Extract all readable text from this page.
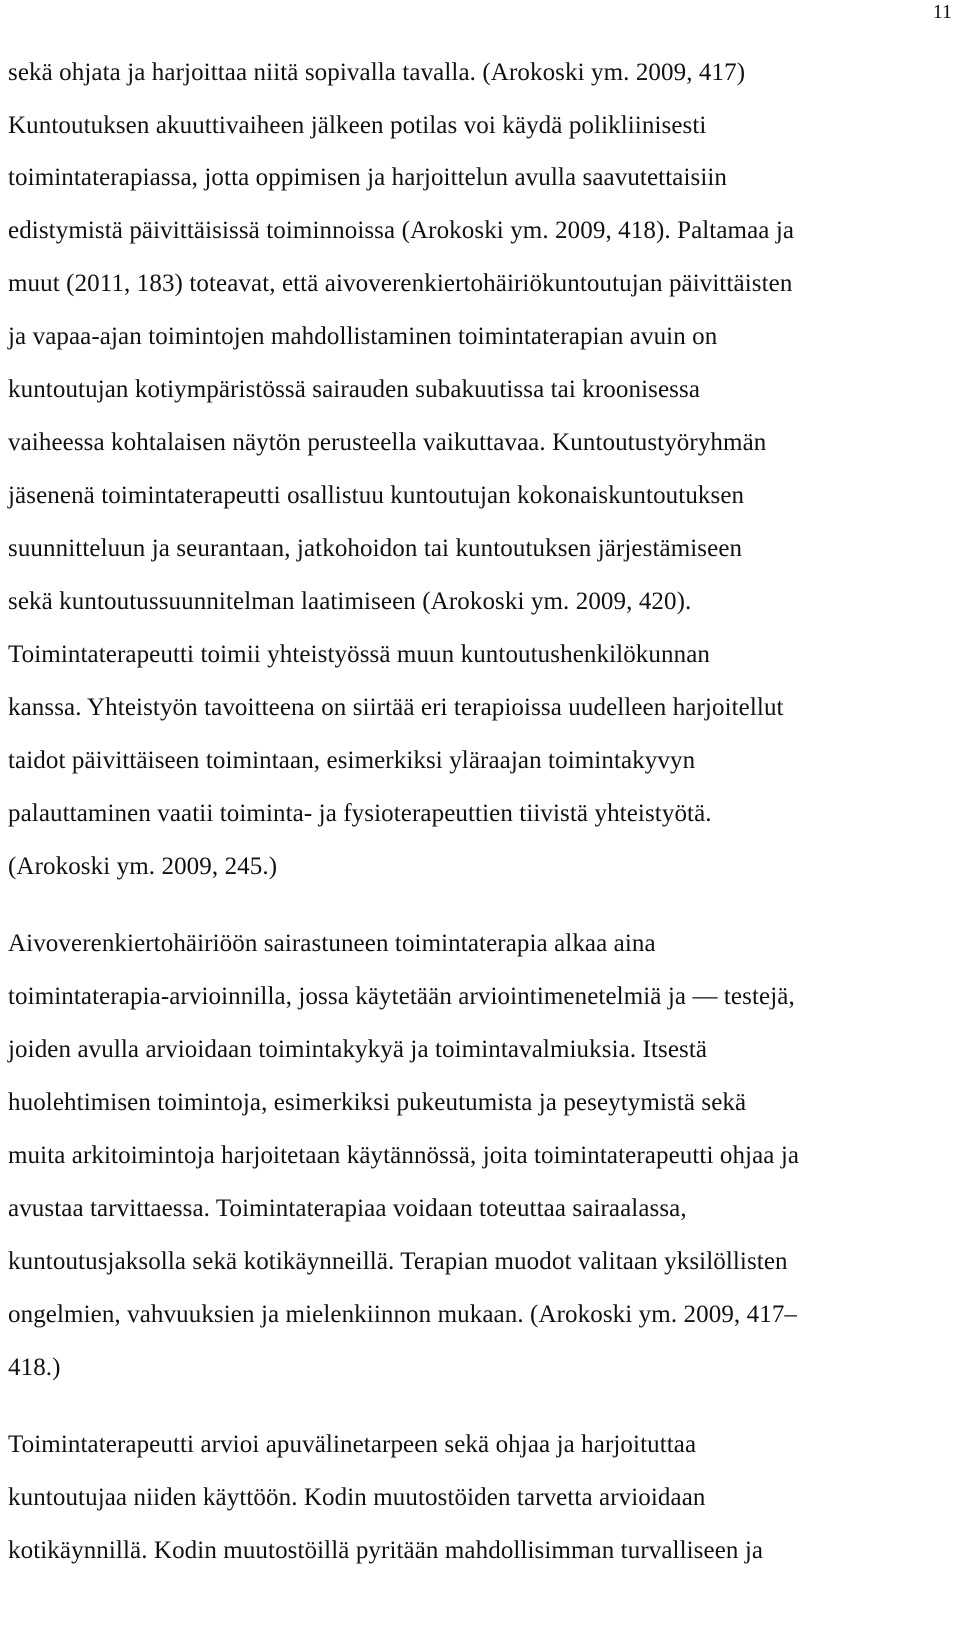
11
sekä ohjata ja harjoittaa niitä sopivalla tavalla. (Arokoski ym. 2009, 417)
Kuntoutuksen akuuttivaiheen jälkeen potilas voi käydä polikliinisesti
toimintaterapiassa, jotta oppimisen ja harjoittelun avulla saavutettaisiin
edistymistä päivittäisissä toiminnoissa (Arokoski ym. 2009, 418). Paltamaa ja
muut (2011, 183) toteavat, että aivoverenkiertohäiriökuntoutujan päivittäisten
ja vapaa-ajan toimintojen mahdollistaminen toimintaterapian avuin on
kuntoutujan kotiympäristössä sairauden subakuutissa tai kroonisessa
vaiheessa kohtalaisen näytön perusteella vaikuttavaa. Kuntoutustyöryhmän
jäsenenä toimintaterapeutti osallistuu kuntoutujan kokonaiskuntoutuksen
suunnitteluun ja seurantaan, jatkohoidon tai kuntoutuksen järjestämiseen
sekä kuntoutussuunnitelman laatimiseen (Arokoski ym. 2009, 420).
Toimintaterapeutti toimii yhteistyössä muun kuntoutushenkilökunnan
kanssa. Yhteistyön tavoitteena on siirtää eri terapioissa uudelleen harjoitellut
taidot päivittäiseen toimintaan, esimerkiksi yläraajan toimintakyvyn
palauttaminen vaatii toiminta- ja fysioterapeuttien tiivistä yhteistyötä.
(Arokoski ym. 2009, 245.)
Aivoverenkiertohäiriöön sairastuneen toimintaterapia alkaa aina
toimintaterapia-arvioinnilla, jossa käytetään arviointimenetelmiä ja — testejä,
joiden avulla arvioidaan toimintakykyä ja toimintavalmiuksia. Itsestä
huolehtimisen toimintoja, esimerkiksi pukeutumista ja peseytymistä sekä
muita arkitoimintoja harjoitetaan käytännössä, joita toimintaterapeutti ohjaa ja
avustaa tarvittaessa. Toimintaterapiaa voidaan toteuttaa sairaalassa,
kuntoutusjaksolla sekä kotikäynneillä. Terapian muodot valitaan yksilöllisten
ongelmien, vahvuuksien ja mielenkiinnon mukaan. (Arokoski ym. 2009, 417–
418.)
Toimintaterapeutti arvioi apuvälinetarpeen sekä ohjaa ja harjoituttaa
kuntoutujaa niiden käyttöön. Kodin muutostöiden tarvetta arvioidaan
kotikäynnillä. Kodin muutostöillä pyritään mahdollisimman turvalliseen ja
